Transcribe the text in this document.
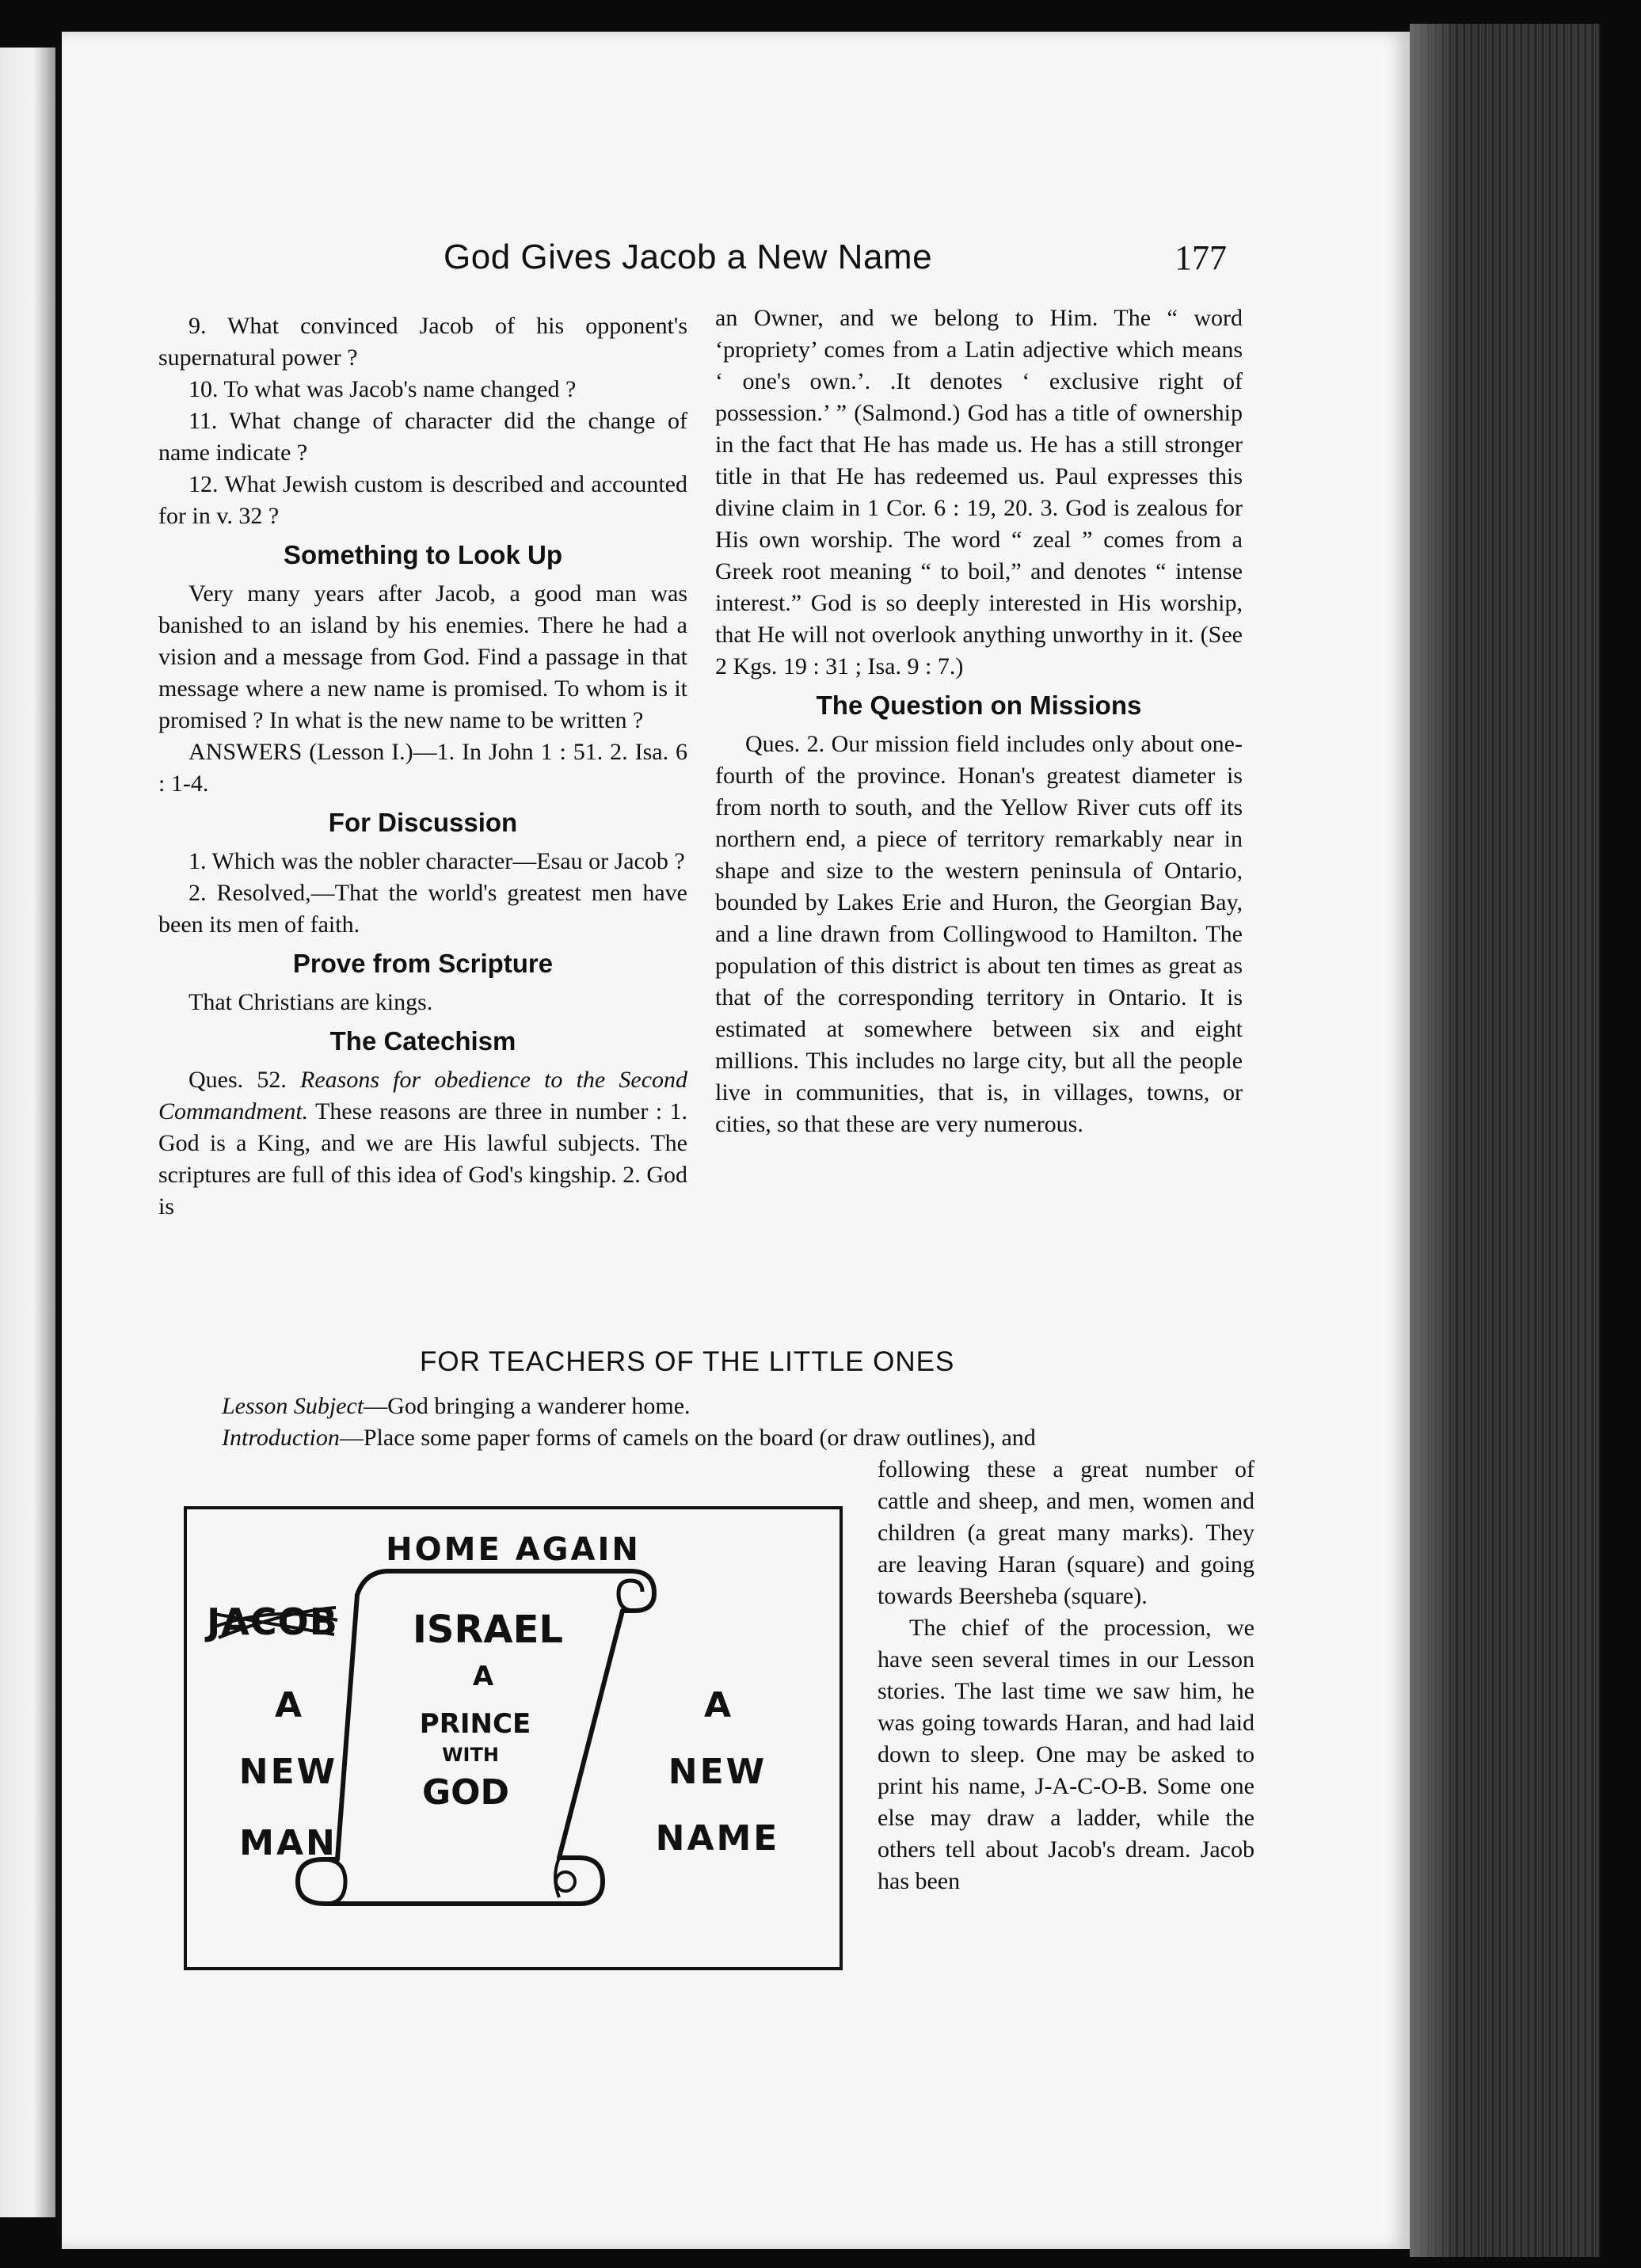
God Gives Jacob a New Name	177

9. What convinced Jacob of his opponent's supernatural power ?

10. To what was Jacob's name changed ?

11. What change of character did the change of name indicate ?

12. What Jewish custom is described and accounted for in v. 32 ?

Something to Look Up

Very many years after Jacob, a good man was banished to an island by his enemies. There he had a vision and a message from God. Find a passage in that message where a new name is promised. To whom is it promised ? In what is the new name to be written ?

ANSWERS (Lesson I.)—1. In John 1 : 51. 2. Isa. 6 : 1-4.

For Discussion

1. Which was the nobler character—Esau or Jacob ?

2. Resolved,—That the world's greatest men have been its men of faith.

Prove from Scripture

That Christians are kings.

The Catechism

Ques. 52. Reasons for obedience to the Second Commandment. These reasons are three in number : 1. God is a King, and we are His lawful subjects. The scriptures are full of this idea of God's kingship. 2. God is

an Owner, and we belong to Him. The “ word ‘propriety’ comes from a Latin adjective which means ‘ one's own.’. .It denotes ‘ exclusive right of possession.’ ” (Salmond.) God has a title of ownership in the fact that He has made us. He has a still stronger title in that He has redeemed us. Paul expresses this divine claim in 1 Cor. 6 : 19, 20. 3. God is zealous for His own worship. The word “ zeal ” comes from a Greek root meaning “ to boil,” and denotes “ intense interest.” God is so deeply interested in His worship, that He will not overlook anything unworthy in it. (See 2 Kgs. 19 : 31 ; Isa. 9 : 7.)

The Question on Missions

Ques. 2. Our mission field includes only about one-fourth of the province. Honan's greatest diameter is from north to south, and the Yellow River cuts off its northern end, a piece of territory remarkably near in shape and size to the western peninsula of Ontario, bounded by Lakes Erie and Huron, the Georgian Bay, and a line drawn from Collingwood to Hamilton. The population of this district is about ten times as great as that of the corresponding territory in Ontario. It is estimated at somewhere between six and eight millions. This includes no large city, but all the people live in communities, that is, in villages, towns, or cities, so that these are very numerous.

FOR TEACHERS OF THE LITTLE ONES

Lesson Subject—God bringing a wanderer home.

Introduction—Place some paper forms of camels on the board (or draw outlines), and

following these a great number of cattle and sheep, and men, women and children (a great many marks). They are leaving Haran (square) and going towards Beersheba (square).

The chief of the procession, we have seen several times in our Lesson stories. The last time we saw him, he was going towards Haran, and had laid down to sleep. One may be asked to print his name, J-A-C-O-B. Some one else may draw a ladder, while the others tell about Jacob's dream. Jacob has been

HOME AGAIN
JACOB ISRAEL
A
PRINCE
WITH
GOD
A
NEW
MAN
A
NEW
NAME
